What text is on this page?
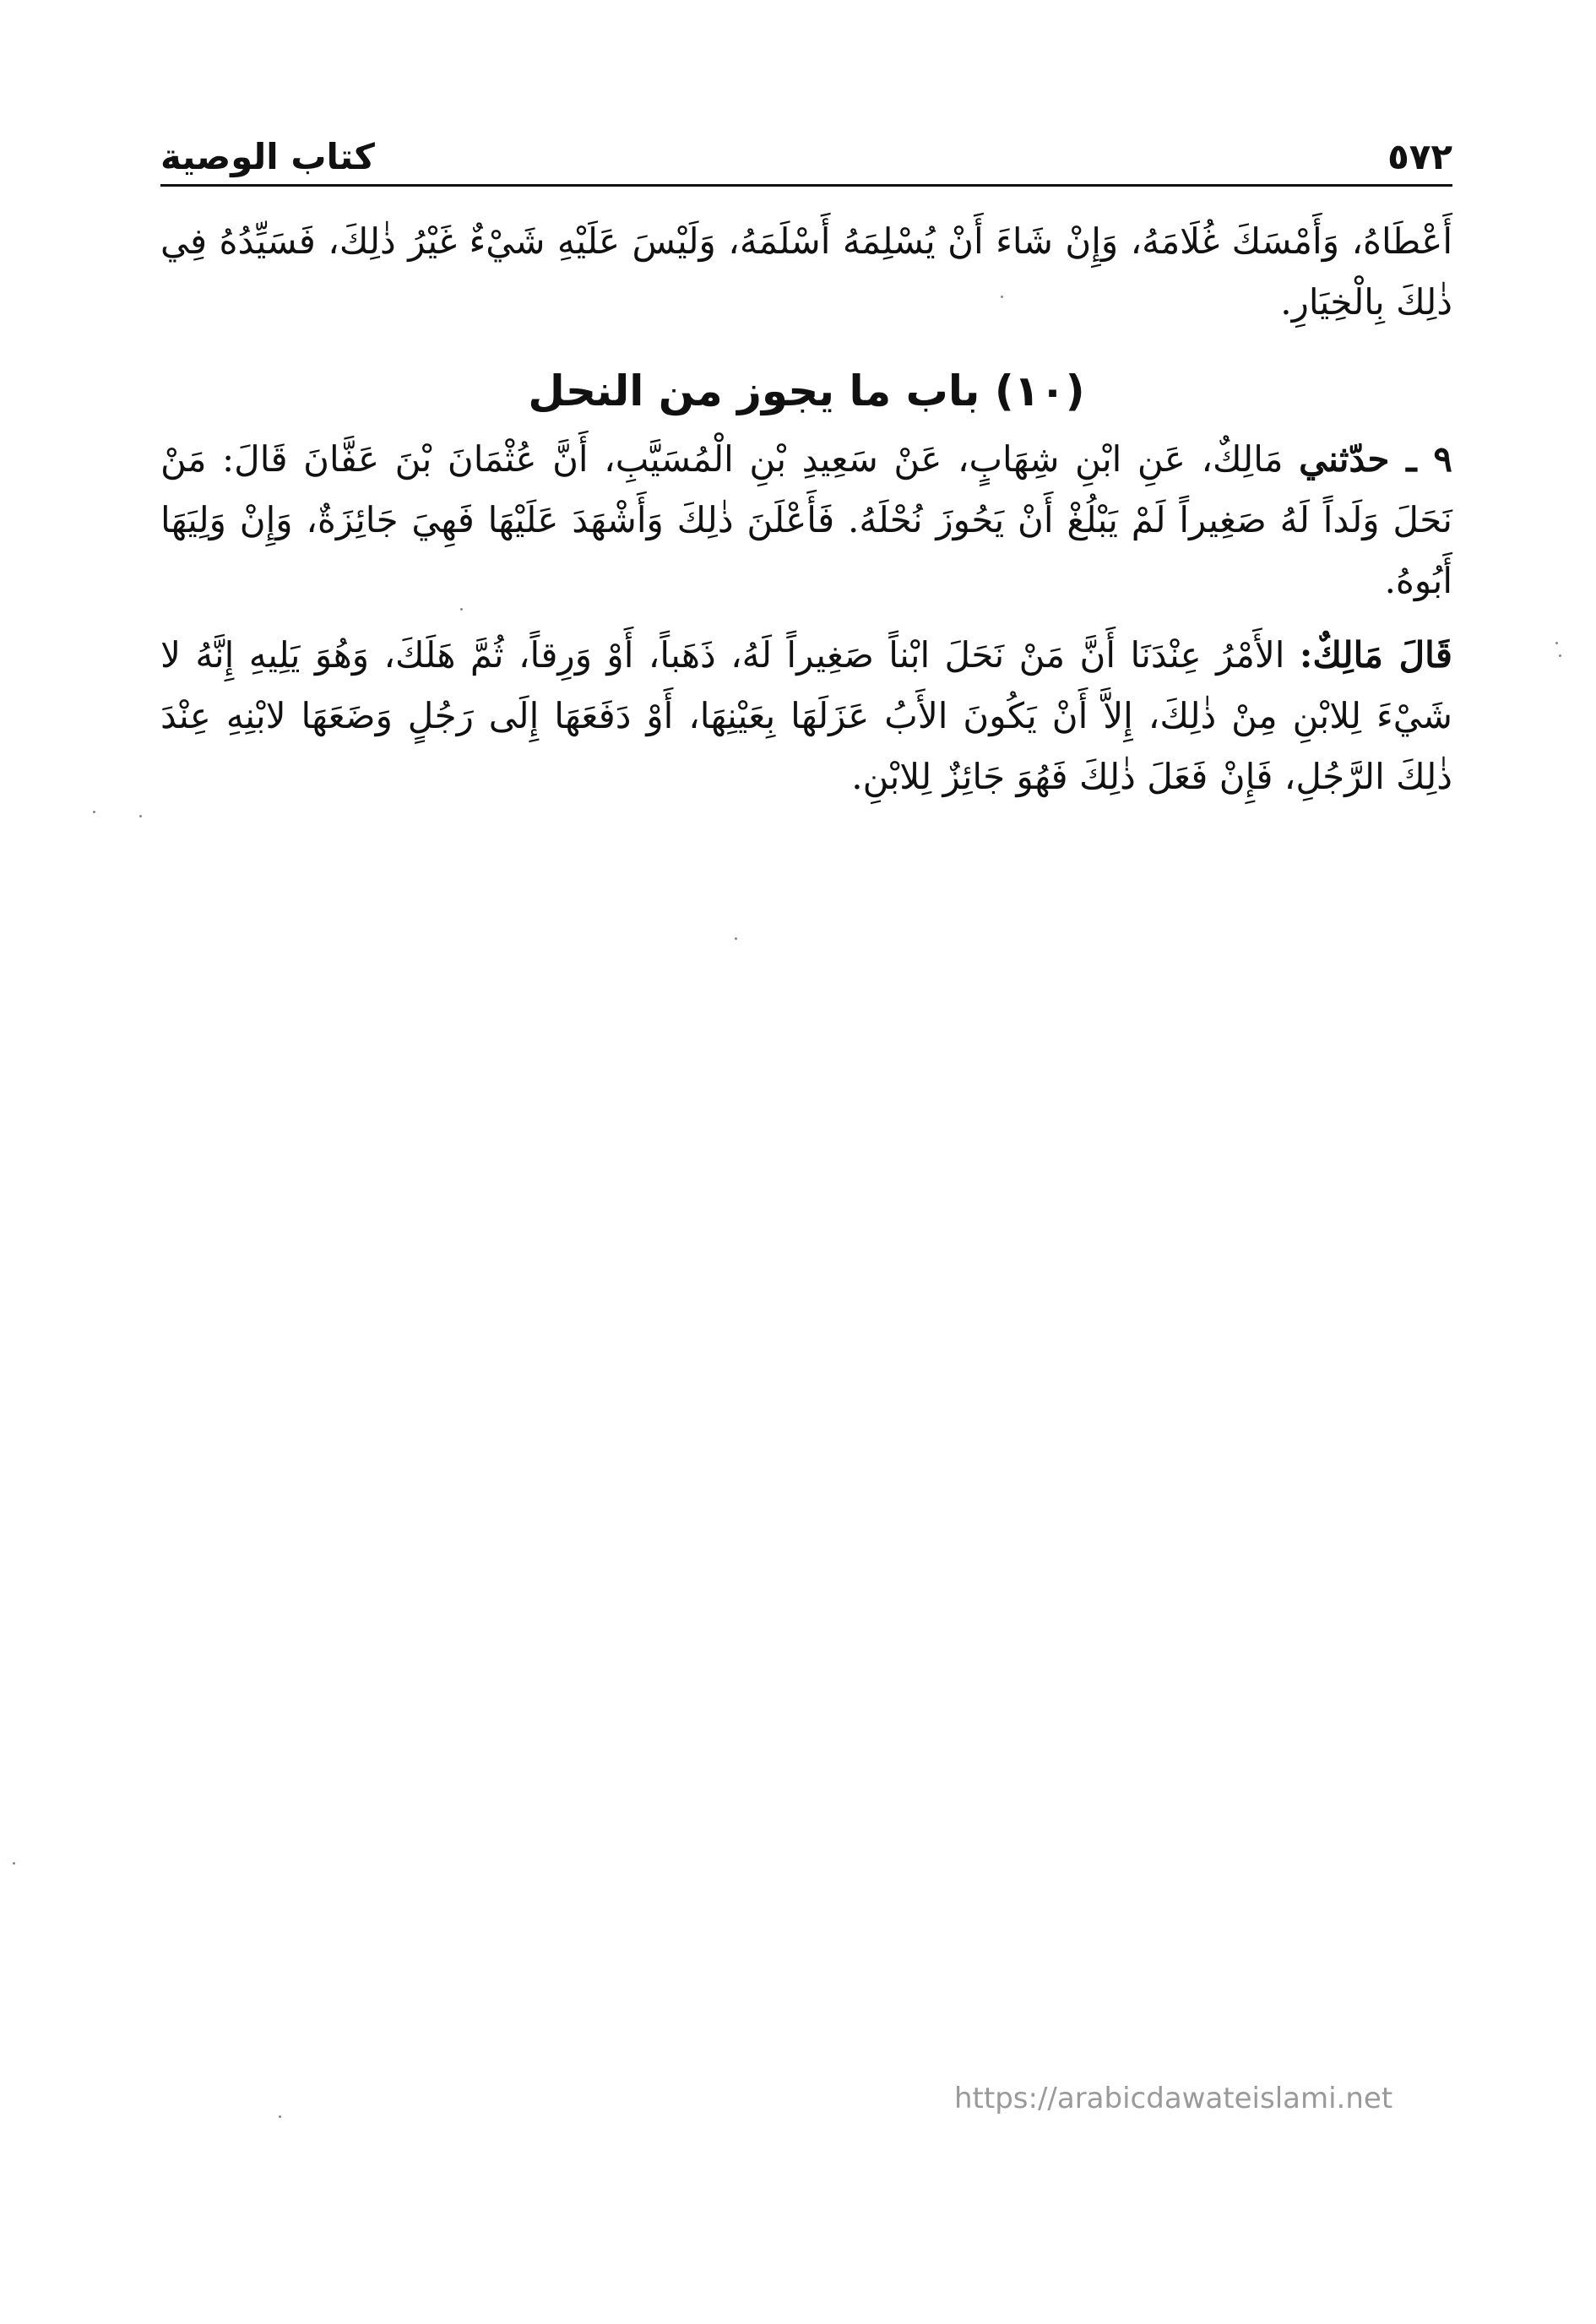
كتاب الوصية	٥٧٢

أَعْطَاهُ، وَأَمْسَكَ غُلَامَهُ، وَإِنْ شَاءَ أَنْ يُسْلِمَهُ أَسْلَمَهُ، وَلَيْسَ عَلَيْهِ شَيْءٌ غَيْرُ ذٰلِكَ، فَسَيِّدُهُ فِي ذٰلِكَ بِالْخِيَارِ.

(١٠) باب ما يجوز من النحل

٩ ـ حدّثني مَالِكٌ، عَنِ ابْنِ شِهَابٍ، عَنْ سَعِيدِ بْنِ الْمُسَيَّبِ، أَنَّ عُثْمَانَ بْنَ عَفَّانَ قَالَ: مَنْ نَحَلَ وَلَداً لَهُ صَغِيراً لَمْ يَبْلُغْ أَنْ يَحُوزَ نُحْلَهُ. فَأَعْلَنَ ذٰلِكَ وَأَشْهَدَ عَلَيْهَا فَهِيَ جَائِزَةٌ، وَإِنْ وَلِيَهَا أَبُوهُ.

قَالَ مَالِكٌ: الأَمْرُ عِنْدَنَا أَنَّ مَنْ نَحَلَ ابْناً صَغِيراً لَهُ، ذَهَباً، أَوْ وَرِقاً، ثُمَّ هَلَكَ، وَهُوَ يَلِيهِ إِنَّهُ لا شَيْءَ لِلابْنِ مِنْ ذٰلِكَ، إِلاَّ أَنْ يَكُونَ الأَبُ عَزَلَهَا بِعَيْنِهَا، أَوْ دَفَعَهَا إِلَى رَجُلٍ وَضَعَهَا لابْنِهِ عِنْدَ ذٰلِكَ الرَّجُلِ، فَإِنْ فَعَلَ ذٰلِكَ فَهُوَ جَائِزٌ لِلابْنِ.

https://arabicdawateislami.net
